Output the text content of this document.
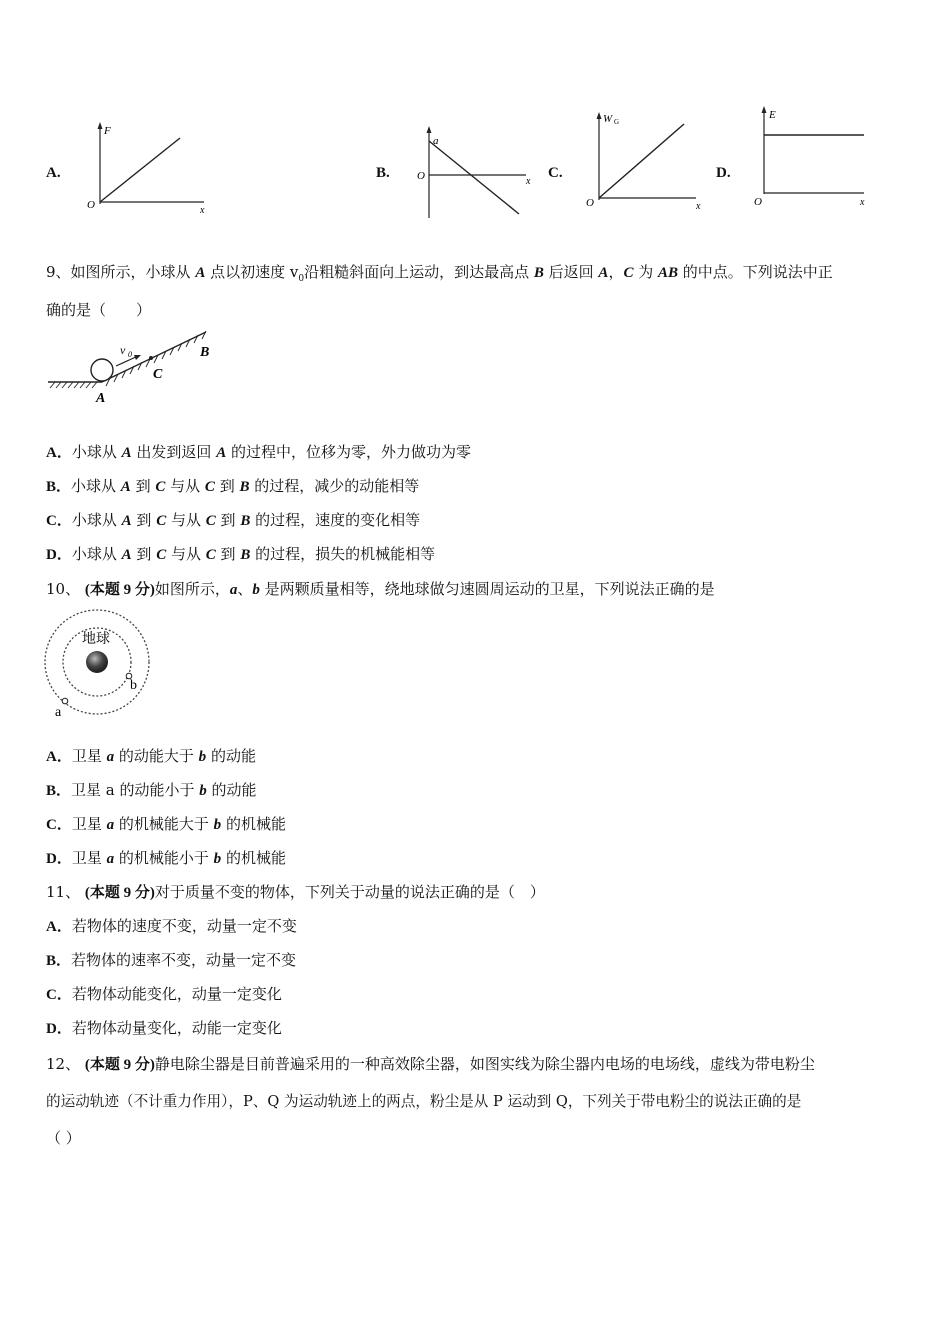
A.
F
x
O
B.
a
x
O	C.
W G
x
O
D.
E
x
O
9、如图所示，小球从 A 点以初速度 $v_0$沿粗糙斜面向上运动，到达最高点 B 后返回 A，C 为 AB 的中点。下列说法中正
确的是（　　）
v 0
C
B
A
A．小球从 A 出发到返回 A 的过程中，位移为零，外力做功为零
B．小球从 A 到 C 与从 C 到 B 的过程，减少的动能相等
C．小球从 A 到 C 与从 C 到 B 的过程，速度的变化相等
D．小球从 A 到 C 与从 C 到 B 的过程，损失的机械能相等
10、 (本题 9 分)如图所示，a、b 是两颗质量相等，绕地球做匀速圆周运动的卫星，下列说法正确的是
地球
b
a
A．卫星 a 的动能大于 b 的动能
B．卫星 a 的动能小于 b 的动能
C．卫星 a 的机械能大于 b 的机械能
D．卫星 a 的机械能小于 b 的机械能
11、 (本题 9 分)对于质量不变的物体，下列关于动量的说法正确的是（　）
A．若物体的速度不变，动量一定不变
B．若物体的速率不变，动量一定不变
C．若物体动能变化，动量一定变化
D．若物体动量变化，动能一定变化
12、 (本题 9 分)静电除尘器是目前普遍采用的一种高效除尘器，如图实线为除尘器内电场的电场线，虚线为带电粉尘
的运动轨迹（不计重力作用），P、Q 为运动轨迹上的两点，粉尘是从 P 运动到 Q，下列关于带电粉尘的说法正确的是
（ ）
